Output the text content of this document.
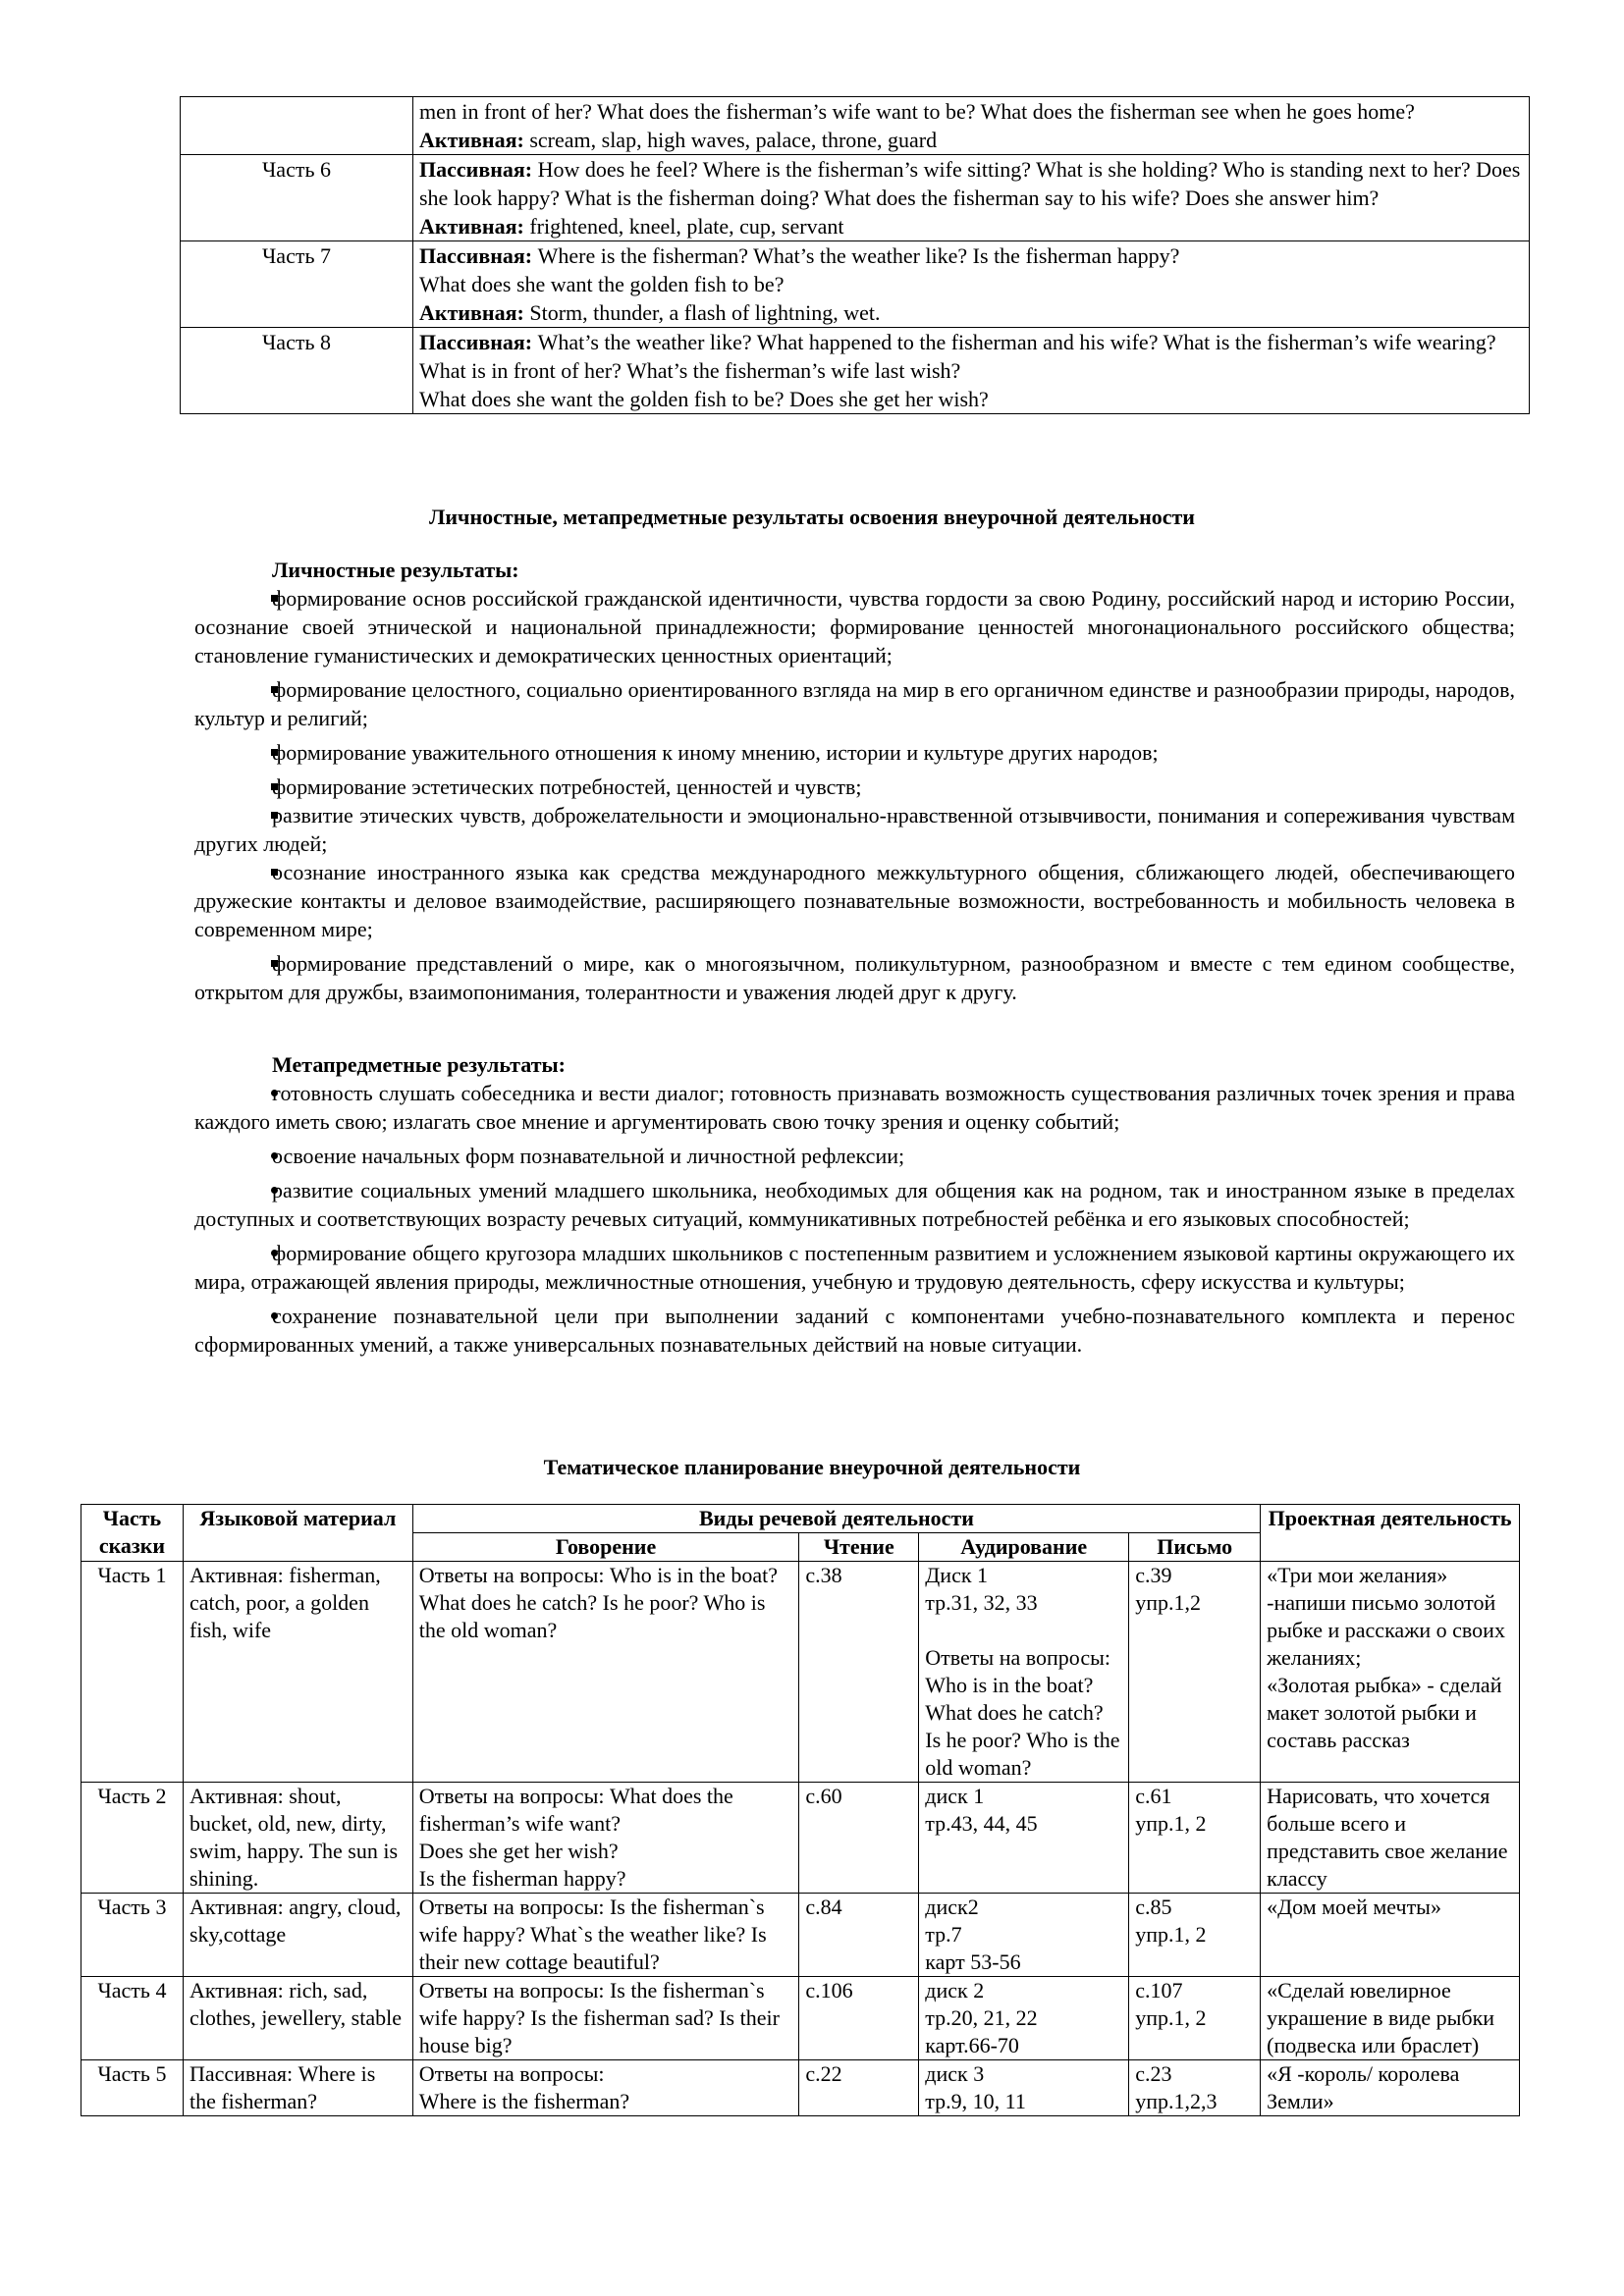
	men in front of her? What does the fisherman’s wife want to be? What does the fisherman see when he goes home?
Активная: scream, slap, high waves, palace, throne, guard

Часть 6	Пассивная: How does he feel? Where is the fisherman’s wife sitting? What is she holding? Who is standing next to her? Does she look happy? What is the fisherman doing? What does the fisherman say to his wife? Does she answer him?
Активная: frightened, kneel, plate, cup, servant

Часть 7	Пассивная: Where is the fisherman? What’s the weather like? Is the fisherman happy?
What does she want the golden fish to be?
Активная: Storm, thunder, a flash of lightning, wet.

Часть 8	Пассивная: What’s the weather like? What happened to the fisherman and his wife? What is the fisherman’s wife wearing? What is in front of her? What’s the fisherman’s wife last wish?
What does she want the golden fish to be? Does she get her wish?
Личностные, метапредметные результаты освоения внеурочной деятельности
Личностные результаты:

формирование основ российской гражданской идентичности, чувства гордости за свою Родину, российский народ и историю России, осознание своей этнической и национальной принадлежности; формирование ценностей многонационального российского общества; становление гуманистических и демократических ценностных ориентаций;

формирование целостного, социально ориентированного взгляда на мир в его органичном единстве и разнообразии природы, народов, культур и религий;

формирование уважительного отношения к иному мнению, истории и культуре других народов;

формирование эстетических потребностей, ценностей и чувств;

развитие этических чувств, доброжелательности и эмоционально-нравственной отзывчивости, понимания и сопереживания чувствам других людей;

осознание иностранного языка как средства международного межкультурного общения, сближающего людей, обеспечивающего дружеские контакты и деловое взаимодействие, расширяющего познавательные возможности, востребованность и мобильность человека в современном мире;

формирование представлений о мире, как о многоязычном, поликультурном, разнообразном и вместе с тем едином сообществе, открытом для дружбы, взаимопонимания, толерантности и уважения людей друг к другу.

Метапредметные результаты:

готовность слушать собеседника и вести диалог; готовность признавать возможность существования различных точек зрения и права каждого иметь свою; излагать свое мнение и аргументировать свою точку зрения и оценку событий;

освоение начальных форм познавательной и личностной рефлексии;

развитие социальных умений младшего школьника, необходимых для общения как на родном, так и иностранном языке в пределах доступных и соответствующих возрасту речевых ситуаций, коммуникативных потребностей ребёнка и его языковых способностей;

формирование общего кругозора младших школьников с постепенным развитием и усложнением языковой картины окружающего их мира, отражающей явления природы, межличностные отношения, учебную и трудовую деятельность, сферу искусства и культуры;

сохранение познавательной цели при выполнении заданий с компонентами учебно-познавательного комплекта и перенос сформированных умений, а также универсальных познавательных действий на новые ситуации.

Тематическое планирование внеурочной деятельности
Часть сказки	Языковой материал	Виды речевой деятельности				Проектная деятельность
		Говорение	Чтение	Аудирование	Письмо	
Часть 1	Активная: fisherman, catch, poor, a golden fish, wife	Ответы на вопросы: Who is in the boat? What does he catch? Is he poor? Who is the old woman?	с.38	Диск 1
тр.31, 32, 33

Ответы на вопросы: Who is in the boat? What does he catch? Is he poor? Who is the old woman?	с.39
упр.1,2	«Три мои желания» -напиши письмо золотой рыбке и расскажи о своих желаниях;
«Золотая рыбка» - сделай макет золотой рыбки и составь рассказ
Часть 2	Активная: shout, bucket, old, new, dirty, swim, happy. The sun is shining.	Ответы на вопросы: What does the fisherman’s wife want?
Does she get her wish?
Is the fisherman happy?	с.60	диск 1
тр.43, 44, 45	с.61
упр.1, 2	Нарисовать, что хочется больше всего и представить свое желание классу
Часть 3	Активная: angry, cloud, sky,cottage	Ответы на вопросы: Is the fisherman`s wife happy? What`s the weather like? Is their new cottage beautiful?	с.84	диск2
тр.7
карт 53-56	с.85
упр.1, 2	«Дом моей мечты»
Часть 4	Активная: rich, sad, clothes, jewellery, stable	Ответы на вопросы: Is the fisherman`s wife happy? Is the fisherman sad? Is their house big?	с.106	диск 2
тр.20, 21, 22
карт.66-70	с.107
упр.1, 2	«Сделай ювелирное украшение в виде рыбки (подвеска или браслет)
Часть 5	Пассивная: Where is the fisherman?	Ответы на вопросы:
Where is the fisherman?	с.22	диск 3
тр.9, 10, 11	с.23
упр.1,2,3	«Я -король/ королева Земли»
